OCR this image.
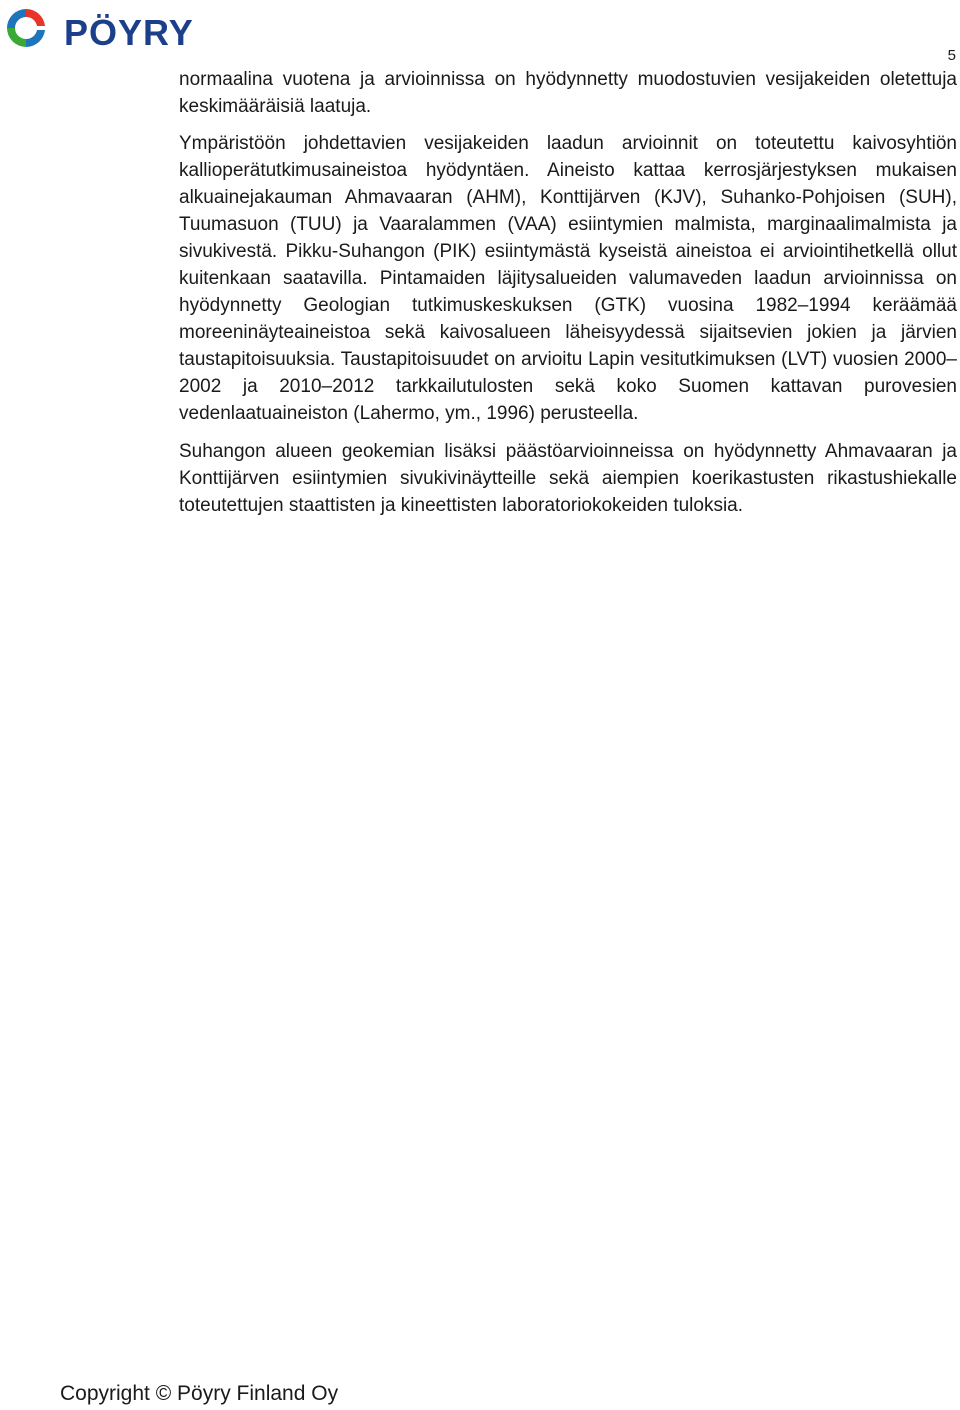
PÖYRY
5

normaalina vuotena ja arvioinnissa on hyödynnetty muodostuvien vesijakeiden oletettuja keskimääräisiä laatuja.

Ympäristöön johdettavien vesijakeiden laadun arvioinnit on toteutettu kaivosyhtiön kallioperätutkimusaineistoa hyödyntäen. Aineisto kattaa kerrosjärjestyksen mukaisen alkuainejakauman Ahmavaaran (AHM), Konttijärven (KJV), Suhanko-Pohjoisen (SUH), Tuumasuon (TUU) ja Vaaralammen (VAA) esiintymien malmista, marginaalimalmista ja sivukivestä. Pikku-Suhangon (PIK) esiintymästä kyseistä aineistoa ei arviointihetkellä ollut kuitenkaan saatavilla. Pintamaiden läjitysalueiden valumaveden laadun arvioinnissa on hyödynnetty Geologian tutkimuskeskuksen (GTK) vuosina 1982–1994 keräämää moreeninäyteaineistoa sekä kaivosalueen läheisyydessä sijaitsevien jokien ja järvien taustapitoisuuksia. Taustapitoisuudet on arvioitu Lapin vesitutkimuksen (LVT) vuosien 2000–2002 ja 2010–2012 tarkkailutulosten sekä koko Suomen kattavan purovesien vedenlaatuaineiston (Lahermo, ym., 1996) perusteella.

Suhangon alueen geokemian lisäksi päästöarvioinneissa on hyödynnetty Ahmavaaran ja Konttijärven esiintymien sivukivinäytteille sekä aiempien koerikastusten rikastushiekalle toteutettujen staattisten ja kineettisten laboratoriokokeiden tuloksia.

Copyright © Pöyry Finland Oy
